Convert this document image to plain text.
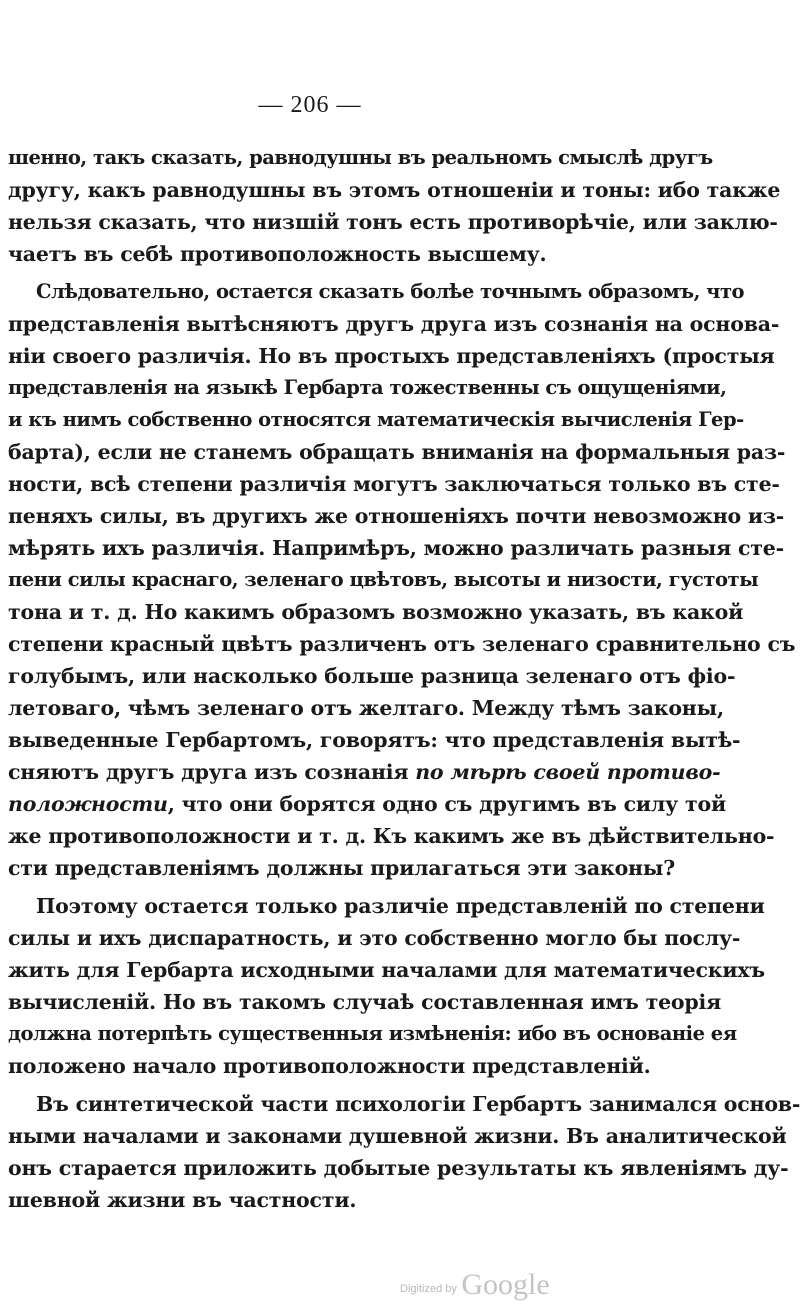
— 206 —
шенно, такъ сказать, равнодушны въ реальномъ смыслѣ другъ
другу, какъ равнодушны въ этомъ отношенiи и тоны: ибо также
нельзя сказать, что низшiй тонъ есть противорѣчiе, или заклю-
чаетъ въ себѣ противоположность высшему.
Слѣдовательно, остается сказать болѣе точнымъ образомъ, что
представленiя вытѣсняютъ другъ друга изъ сознанiя на основа-
нiи своего различiя. Но въ простыхъ представленiяхъ (простыя
представленiя на языкѣ Гербарта тожественны съ ощущенiями,
и къ нимъ собственно относятся математическiя вычисленiя Гер-
барта), если не станемъ обращать вниманiя на формальныя раз-
ности, всѣ степени различiя могутъ заключаться только въ сте-
пеняхъ силы, въ другихъ же отношенiяхъ почти невозможно из-
мѣрять ихъ различiя. Напримѣръ, можно различать разныя сте-
пени силы краснаго, зеленаго цвѣтовъ, высоты и низости, густоты
тона и т. д. Но какимъ образомъ возможно указать, въ какой
степени красный цвѣтъ различенъ отъ зеленаго сравнительно съ
голубымъ, или насколько больше разница зеленаго отъ фiо-
летоваго, чѣмъ зеленаго отъ желтаго. Между тѣмъ законы,
выведенные Гербартомъ, говорятъ: что представленiя вытѣ-
сняютъ другъ друга изъ сознанiя по мѣрѣ своей противо-
положности, что они борятся одно съ другимъ въ силу той
же противоположности и т. д. Къ какимъ же въ дѣйствительно-
сти представленiямъ должны прилагаться эти законы?
Поэтому остается только различiе представленiй по степени
силы и ихъ диспаратность, и это собственно могло бы послу-
жить для Гербарта исходными началами для математическихъ
вычисленiй. Но въ такомъ случаѣ составленная имъ теорiя
должна потерпѣть существенныя измѣненiя: ибо въ основанiе ея
положено начало противоположности представленiй.
Въ синтетической части психологiи Гербартъ занимался основ-
ными началами и законами душевной жизни. Въ аналитической
онъ старается приложить добытые результаты къ явленiямъ ду-
шевной жизни въ частности.
Digitized by Google
